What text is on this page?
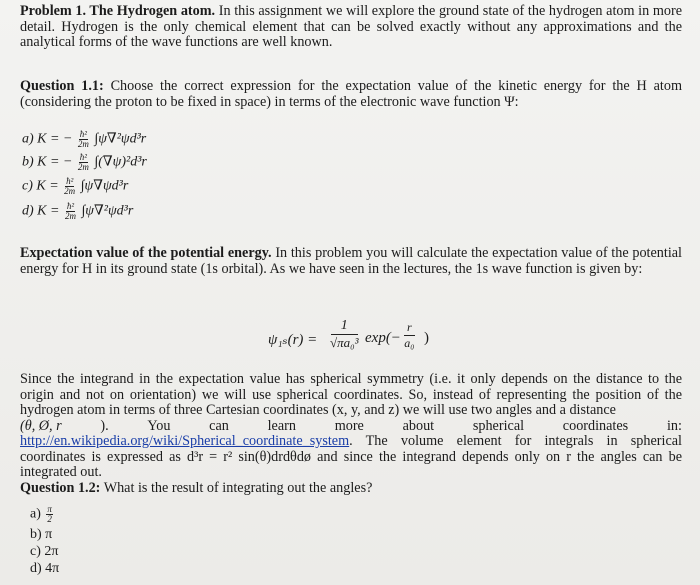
Problem 1. The Hydrogen atom. In this assignment we will explore the ground state of the hydrogen atom in more detail. Hydrogen is the only chemical element that can be solved exactly without any approximations and the analytical forms of the wave functions are well known.
Question 1.1: Choose the correct expression for the expectation value of the kinetic energy for the H atom (considering the proton to be fixed in space) in terms of the electronic wave function Ψ:
a) K = − $\frac{\text{ħ²}}{2m} \int\psi\nabla^2\psi d^3r$
b) K = − $\frac{\text{ħ²}}{2m} \int(\nabla\psi)^2d^3r$
c) $K = \frac{\text{ħ²}}{2m} \int\psi\nabla\psi d^3r$
d) $K = \frac{\text{ħ²}}{2m} \int\psi\nabla^2\psi d^3r$
Expectation value of the potential energy. In this problem you will calculate the expectation value of the potential energy for H in its ground state (1s orbital). As we have seen in the lectures, the 1s wave function is given by:
ψ₁ₛ(r) =
1
√πa₀³ exp(−
r
a₀ )
Since the integrand in the expectation value has spherical symmetry (i.e. it only depends on the distance to the origin and not on orientation) we will use spherical coordinates. So, instead of representing the position of the hydrogen atom in terms of three Cartesian coordinates (x, y, and z) we will use two angles and a distance
(θ, Ø, r	).	You	can	learn	more	about	spherical	coordinates	in:
http://en.wikipedia.org/wiki/Spherical_coordinate_system. The volume element for integrals in spherical coordinates is expressed as d³r = r² sin(θ)drdθdø and since the integrand depends only on r the angles can be integrated out.
Question 1.2: What is the result of integrating out the angles?
$a) \frac{\pi}{2}$
b) π
c) 2π
d) 4π
